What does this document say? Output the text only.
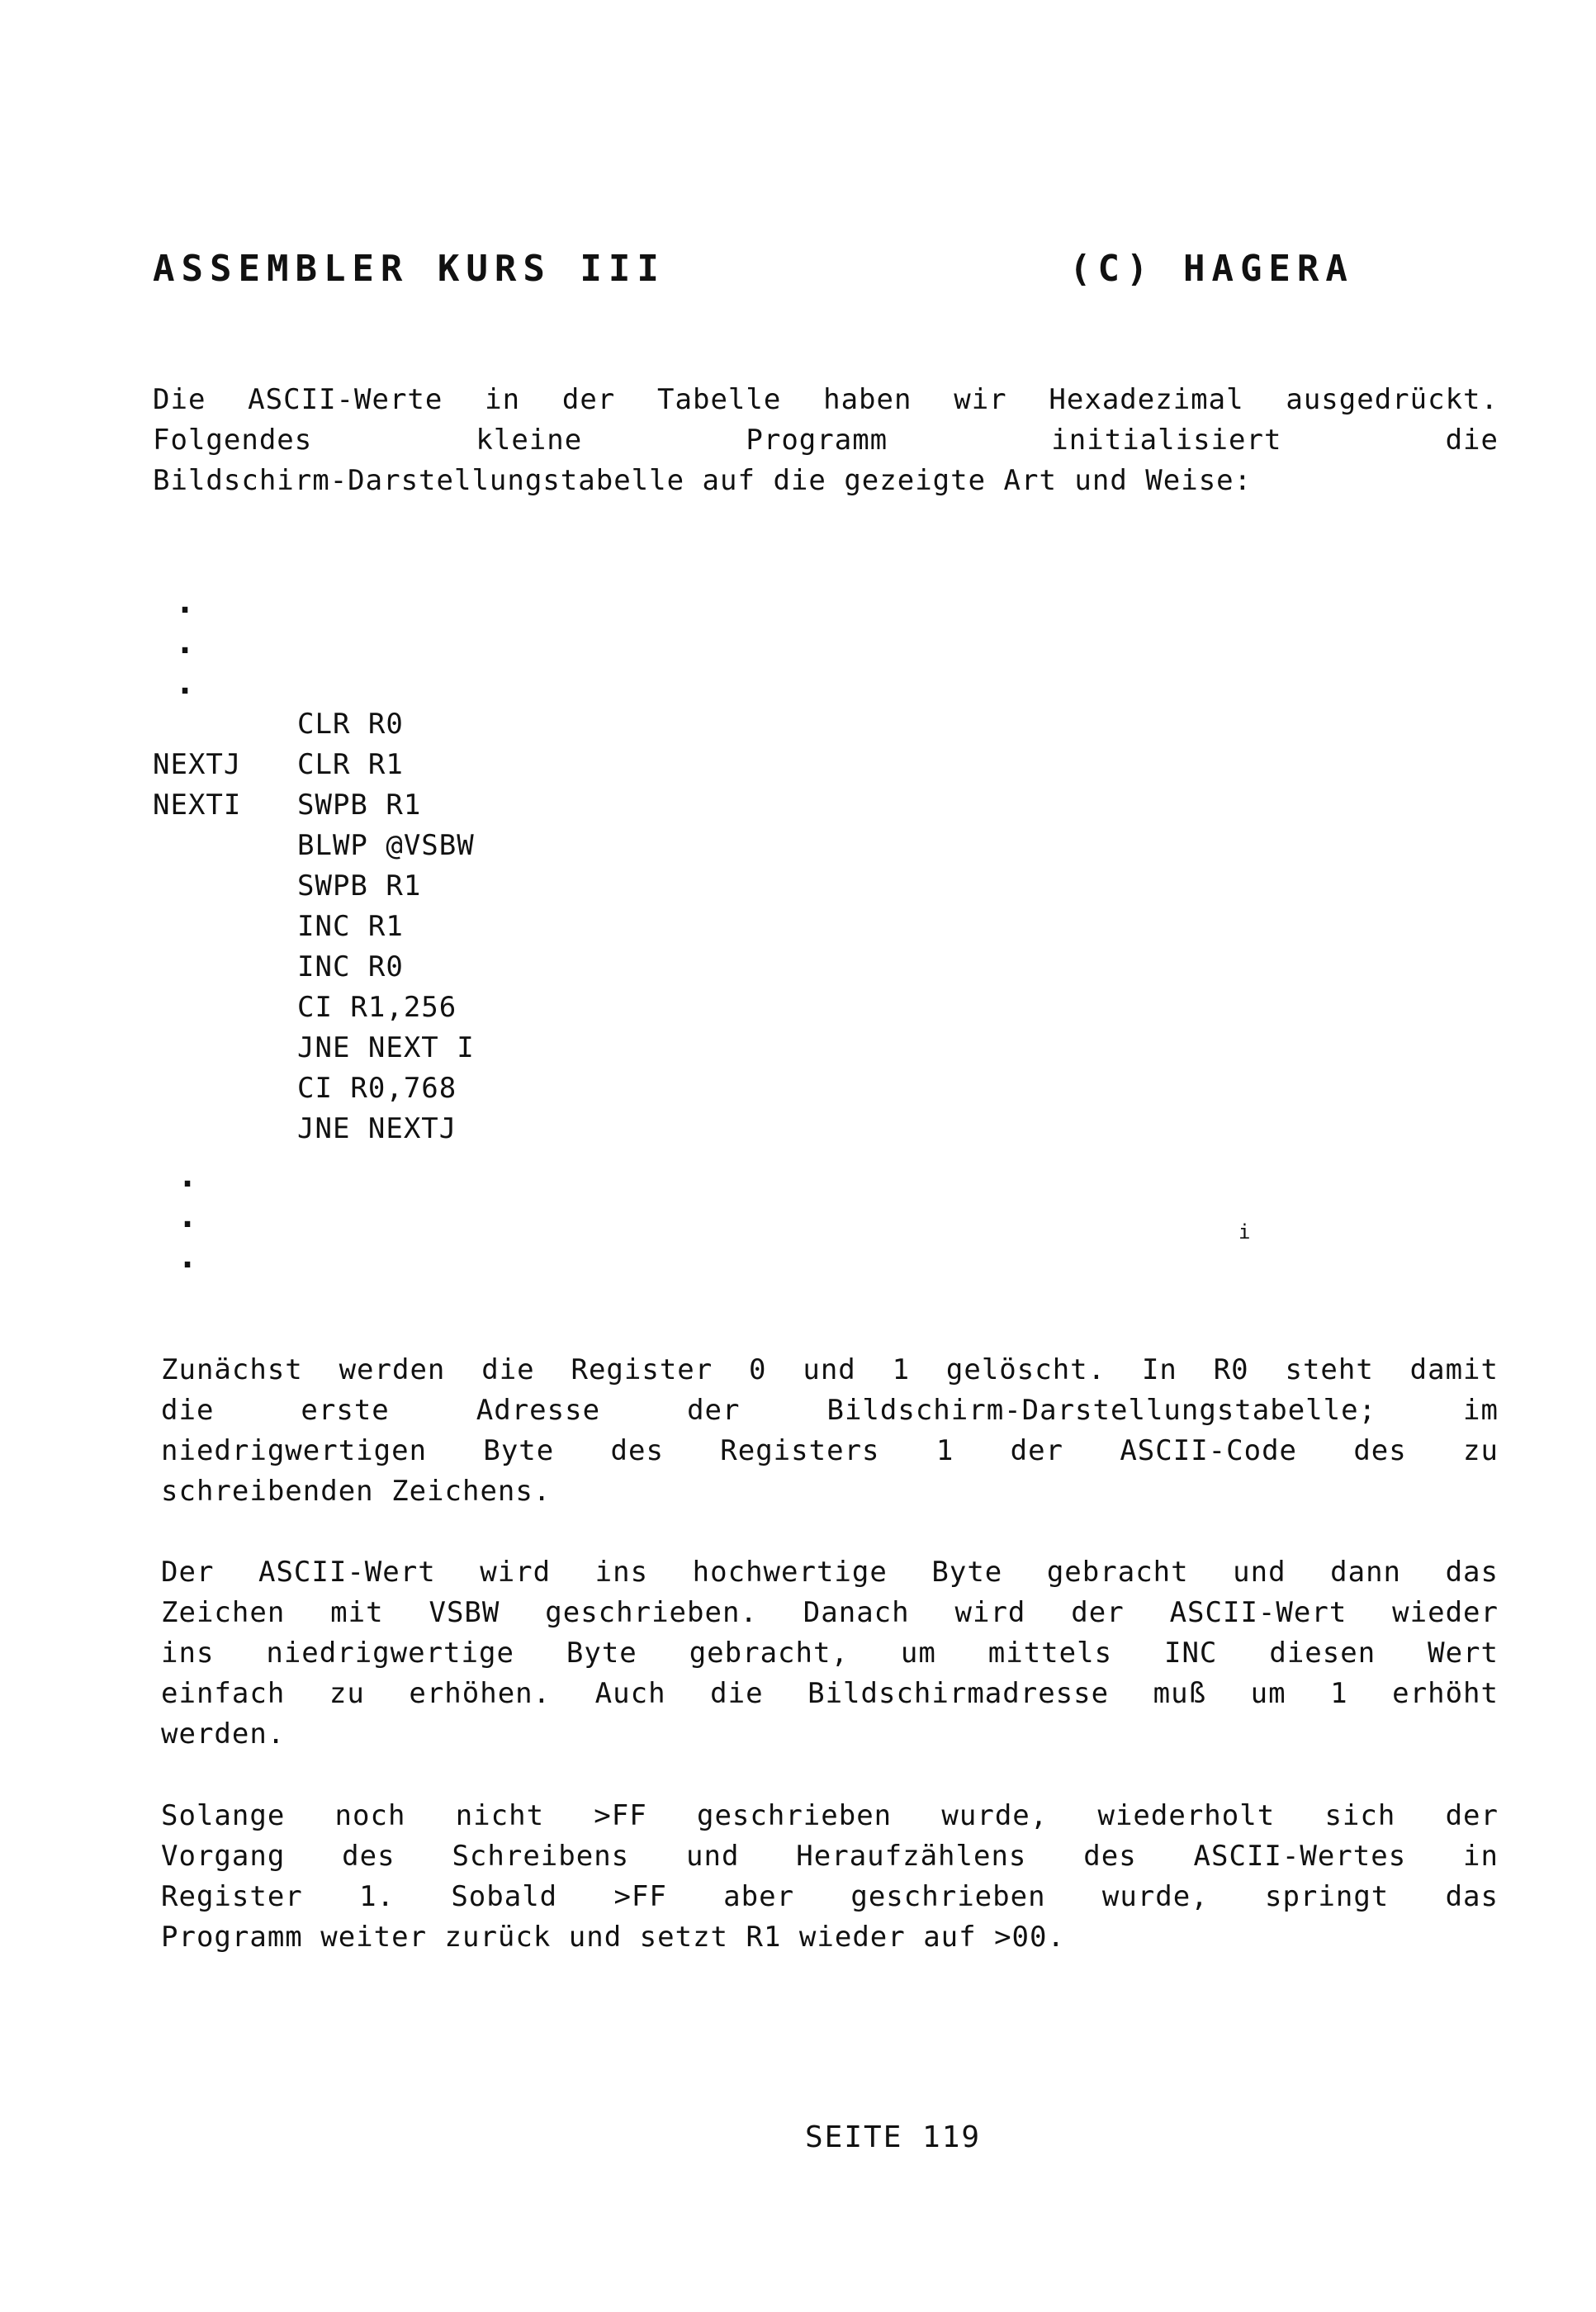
ASSEMBLER KURS III

	(C) HAGERA

Die ASCII-Werte in der Tabelle haben wir Hexadezimal ausgedrückt.
Folgendes kleine Programm initialisiert die
Bildschirm-Darstellungstabelle auf die gezeigte Art und Weise:
.
.
.
CLR R0
NEXTJ CLR R1
NEXTI SWPB R1
BLWP @VSBW
SWPB R1
INC R1
INC R0
CI R1,256
JNE NEXT I
CI R0,768
JNE NEXTJ
.
.
.
i
Zunächst werden die Register 0 und 1 gelöscht. In R0 steht damit
die erste Adresse der Bildschirm-Darstellungstabelle; im
niedrigwertigen Byte des Registers 1 der ASCII-Code des zu
schreibenden Zeichens.
Der ASCII-Wert wird ins hochwertige Byte gebracht und dann das
Zeichen mit VSBW geschrieben. Danach wird der ASCII-Wert wieder
ins niedrigwertige Byte gebracht, um mittels INC diesen Wert
einfach zu erhöhen. Auch die Bildschirmadresse muß um 1 erhöht
werden.
Solange noch nicht >FF geschrieben wurde, wiederholt sich der
Vorgang des Schreibens und Heraufzählens des ASCII-Wertes in
Register 1. Sobald >FF aber geschrieben wurde, springt das
Programm weiter zurück und setzt R1 wieder auf >00.
SEITE 119
